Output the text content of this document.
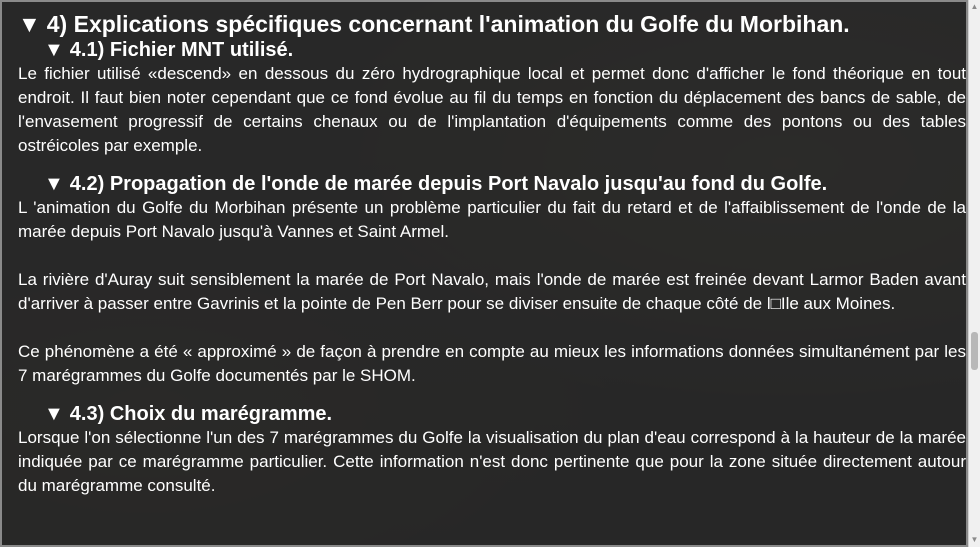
▼ 4) Explications spécifiques concernant l'animation du Golfe du Morbihan.
▼ 4.1) Fichier MNT utilisé.

Le fichier utilisé «descend» en dessous du zéro hydrographique local et permet donc d'afficher le fond théorique en tout endroit. Il faut bien noter cependant que ce fond évolue au fil du temps en fonction du déplacement des bancs de sable, de l'envasement progressif de certains chenaux ou de l'implantation d'équipements comme des pontons ou des tables ostréicoles par exemple.

▼ 4.2) Propagation de l'onde de marée depuis Port Navalo jusqu'au fond du Golfe.

L 'animation du Golfe du Morbihan présente un problème particulier du fait du retard et de l'affaiblissement de l'onde de la marée depuis Port Navalo jusqu'à Vannes et Saint Armel.

La rivière d'Auray suit sensiblement la marée de Port Navalo, mais l'onde de marée est freinée devant Larmor Baden avant d'arriver à passer entre Gavrinis et la pointe de Pen Berr pour se diviser ensuite de chaque côté de l□Ile aux Moines.

Ce phénomène a été « approximé » de façon à prendre en compte au mieux les informations données simultanément par les 7 marégrammes du Golfe documentés par le SHOM.

▼ 4.3) Choix du marégramme.

Lorsque l'on sélectionne l'un des 7 marégrammes du Golfe la visualisation du plan d'eau correspond à la hauteur de la marée indiquée par ce marégramme particulier. Cette information n'est donc pertinente que pour la zone située directement autour du marégramme consulté.

▲
▼
